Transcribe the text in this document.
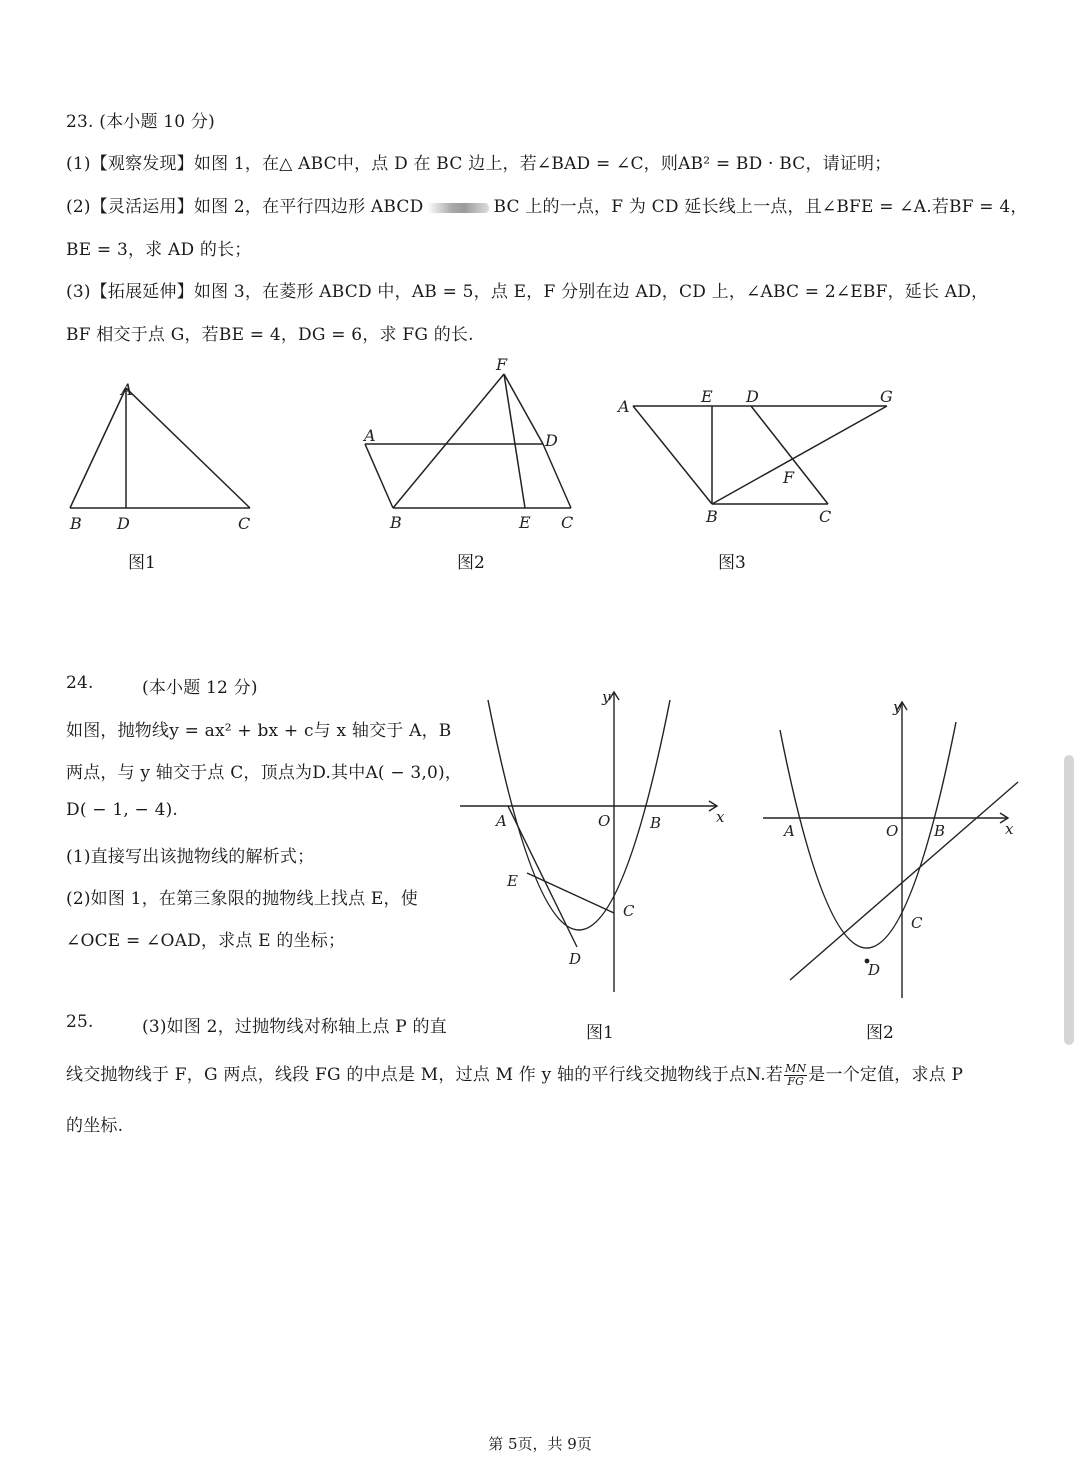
23. (本小题 10 分)
(1)【观察发现】如图 1，在△ ABC中，点 D 在 BC 边上，若∠BAD = ∠C，则AB² = BD · BC，请证明；
(2)【灵活运用】如图 2，在平行四边形 ABCD	BC 上的一点，F 为 CD 延长线上一点，且∠BFE = ∠A.若BF = 4，
BE = 3，求 AD 的长；
(3)【拓展延伸】如图 3，在菱形 ABCD 中，AB = 5，点 E，F 分别在边 AD，CD 上，∠ABC = 2∠EBF，延长 AD，
BF 相交于点 G，若BE = 4，DG = 6，求 FG 的长.
A
B D	C
图1
F
A	D
B	E C
图2
A
E D	G
F
B	C
图3
24.	(本小题 12 分)
如图，抛物线y = ax² + bx + c与 x 轴交于 A，B
两点，与 y 轴交于点 C，顶点为D.其中A( − 3,0)，
D( − 1, − 4).
(1)直接写出该抛物线的解析式；
(2)如图 1，在第三象限的抛物线上找点 E，使
∠OCE = ∠OAD，求点 E 的坐标；
y
x
A	O	B
E
C
D
图1
y
x
A	O B
C
D
图2
25.	(3)如图 2，过抛物线对称轴上点 P 的直
线交抛物线于 F，G 两点，线段 FG 的中点是 M，过点 M 作 y 轴的平行线交抛物线于点N.若 $\frac{MN}{FG}$ 是一个定值，求点 P
的坐标.
第 5页，共 9页
